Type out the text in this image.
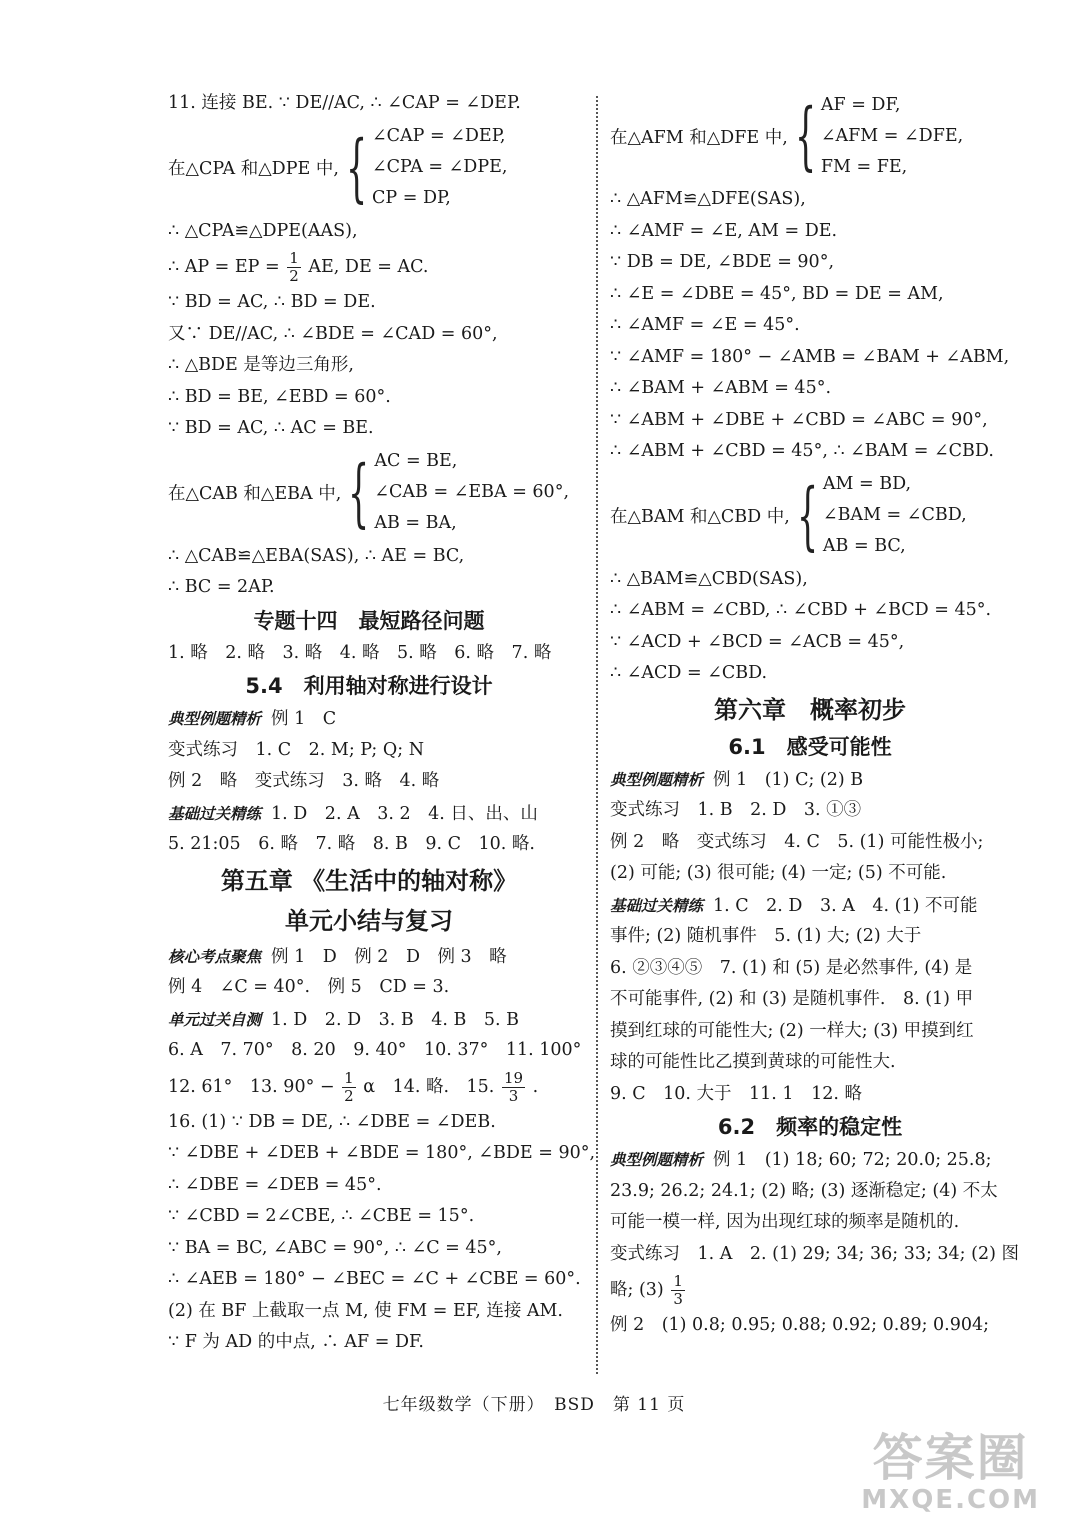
11. 连接 BE. ∵ DE//AC, ∴ ∠CAP = ∠DEP.
在△CPA 和△DPE 中, { ∠CAP = ∠DEP,
∠CPA = ∠DPE,
CP = DP,
∴ △CPA≌△DPE(AAS),
∴ AP = EP = $\frac{1}{2}$ AE, DE = AC.
∵ BD = AC, ∴ BD = DE.
又∵ DE//AC, ∴ ∠BDE = ∠CAD = 60°,
∴ △BDE 是等边三角形,
∴ BD = BE, ∠EBD = 60°.
∵ BD = AC, ∴ AC = BE.
在△CAB 和△EBA 中, { AC = BE,
∠CAB = ∠EBA = 60°,
AB = BA,
∴ △CAB≌△EBA(SAS), ∴ AE = BC,
∴ BC = 2AP.
专题十四　最短路径问题
1. 略　2. 略　3. 略　4. 略　5. 略　6. 略　7. 略
5.4　利用轴对称进行设计
典型例题精析 例 1　C
变式练习　1. C　2. M; P; Q; N
例 2　略　变式练习　3. 略　4. 略
基础过关精练 1. D　2. A　3. 2　4. 日、出、山
5. 21:05　6. 略　7. 略　8. B　9. C　10. 略.
第五章 《生活中的轴对称》
单元小结与复习
核心考点聚焦 例 1　D　例 2　D　例 3　略
例 4　∠C = 40°.　例 5　CD = 3.
单元过关自测 1. D　2. D　3. B　4. B　5. B
6. A　7. 70°　8. 20　9. 40°　10. 37°　11. 100°
12. 61°　13. $90^\circ - \frac{1}{2}$ α　14. 略.　15. $\frac{19}{3}$ .
16. (1) ∵ DB = DE, ∴ ∠DBE = ∠DEB.
∵ ∠DBE + ∠DEB + ∠BDE = 180°, ∠BDE = 90°,
∴ ∠DBE = ∠DEB = 45°.
∵ ∠CBD = 2∠CBE, ∴ ∠CBE = 15°.
∵ BA = BC, ∠ABC = 90°, ∴ ∠C = 45°,
∴ ∠AEB = 180° − ∠BEC = ∠C + ∠CBE = 60°.
(2) 在 BF 上截取一点 M, 使 FM = EF, 连接 AM.
∵ F 为 AD 的中点, ∴ AF = DF.
在△AFM 和△DFE 中, { AF = DF,
∠AFM = ∠DFE,
FM = FE,
∴ △AFM≌△DFE(SAS),
∴ ∠AMF = ∠E, AM = DE.
∵ DB = DE, ∠BDE = 90°,
∴ ∠E = ∠DBE = 45°, BD = DE = AM,
∴ ∠AMF = ∠E = 45°.
∵ ∠AMF = 180° − ∠AMB = ∠BAM + ∠ABM,
∴ ∠BAM + ∠ABM = 45°.
∵ ∠ABM + ∠DBE + ∠CBD = ∠ABC = 90°,
∴ ∠ABM + ∠CBD = 45°, ∴ ∠BAM = ∠CBD.
在△BAM 和△CBD 中, { AM = BD,
∠BAM = ∠CBD,
AB = BC,
∴ △BAM≌△CBD(SAS),
∴ ∠ABM = ∠CBD, ∴ ∠CBD + ∠BCD = 45°.
∵ ∠ACD + ∠BCD = ∠ACB = 45°,
∴ ∠ACD = ∠CBD.
第六章　概率初步
6.1　感受可能性
典型例题精析 例 1　(1) C; (2) B
变式练习　1. B　2. D　3. ①③
例 2　略　变式练习　4. C　5. (1) 可能性极小;
(2) 可能; (3) 很可能; (4) 一定; (5) 不可能.
基础过关精练 1. C　2. D　3. A　4. (1) 不可能
事件; (2) 随机事件　5. (1) 大; (2) 大于
6. ②③④⑤　7. (1) 和 (5) 是必然事件, (4) 是
不可能事件, (2) 和 (3) 是随机事件.　8. (1) 甲
摸到红球的可能性大; (2) 一样大; (3) 甲摸到红
球的可能性比乙摸到黄球的可能性大.
9. C　10. 大于　11. 1　12. 略
6.2　频率的稳定性
典型例题精析 例 1　(1) 18; 60; 72; 20.0; 25.8;
23.9; 26.2; 24.1; (2) 略; (3) 逐渐稳定; (4) 不太
可能一模一样, 因为出现红球的频率是随机的.
变式练习　1. A　2. (1) 29; 34; 36; 33; 34; (2) 图
略; $(3) \frac{1}{3}$
例 2　(1) 0.8; 0.95; 0.88; 0.92; 0.89; 0.904;
七年级数学（下册）　BSD　第 11 页
答案圈
MXQE.COM
